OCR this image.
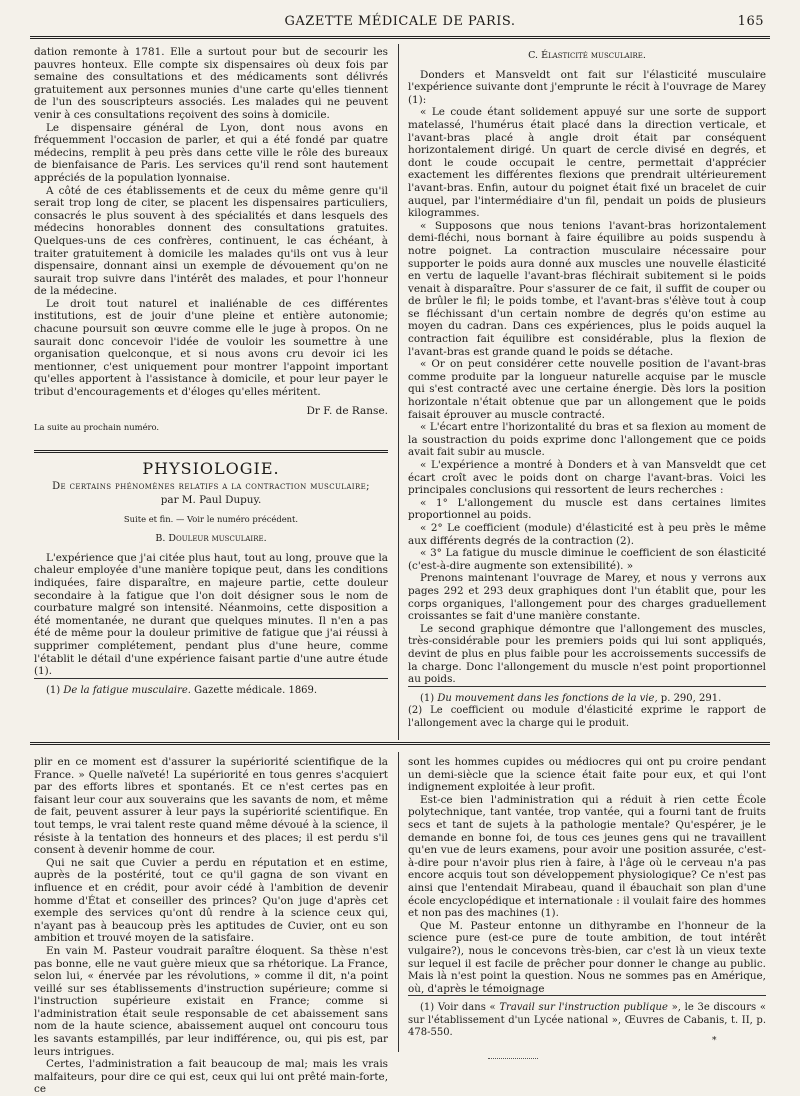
GAZETTE MÉDICALE DE PARIS.	165

dation remonte à 1781. Elle a surtout pour but de secourir les pauvres honteux. Elle compte six dispensaires où deux fois par semaine des consultations et des médicaments sont délivrés gratuitement aux personnes munies d'une carte qu'elles tiennent de l'un des souscripteurs associés. Les malades qui ne peuvent venir à ces consultations reçoivent des soins à domicile.

Le dispensaire général de Lyon, dont nous avons en fréquemment l'occasion de parler, et qui a été fondé par quatre médecins, remplit à peu près dans cette ville le rôle des bureaux de bienfaisance de Paris. Les services qu'il rend sont hautement appréciés de la population lyonnaise.

A côté de ces établissements et de ceux du même genre qu'il serait trop long de citer, se placent les dispensaires particuliers, consacrés le plus souvent à des spécialités et dans lesquels des médecins honorables donnent des consultations gratuites. Quelques-uns de ces confrères, continuent, le cas échéant, à traiter gratuitement à domicile les malades qu'ils ont vus à leur dispensaire, donnant ainsi un exemple de dévouement qu'on ne saurait trop suivre dans l'intérêt des malades, et pour l'honneur de la médecine.

Le droit tout naturel et inaliénable de ces différentes institutions, est de jouir d'une pleine et entière autonomie; chacune poursuit son œuvre comme elle le juge à propos. On ne saurait donc concevoir l'idée de vouloir les soumettre à une organisation quelconque, et si nous avons cru devoir ici les mentionner, c'est uniquement pour montrer l'appoint important qu'elles apportent à l'assistance à domicile, et pour leur payer le tribut d'encouragements et d'éloges qu'elles méritent.

Dr F. de Ranse.
La suite au prochain numéro.
PHYSIOLOGIE.
De certains phénomènes relatifs a la contraction musculaire;
par M. Paul Dupuy.
Suite et fin. — Voir le numéro précédent.
B. Douleur musculaire.

L'expérience que j'ai citée plus haut, tout au long, prouve que la chaleur employée d'une manière topique peut, dans les conditions indiquées, faire disparaître, en majeure partie, cette douleur secondaire à la fatigue que l'on doit désigner sous le nom de courbature malgré son intensité. Néanmoins, cette disposition a été momentanée, ne durant que quelques minutes. Il n'en a pas été de même pour la douleur primitive de fatigue que j'ai réussi à supprimer complétement, pendant plus d'une heure, comme l'établit le détail d'une expérience faisant partie d'une autre étude (1).

(1) De la fatigue musculaire. Gazette médicale. 1869.

C. Élasticité musculaire.

Donders et Mansveldt ont fait sur l'élasticité musculaire l'expérience suivante dont j'emprunte le récit à l'ouvrage de Marey (1):

« Le coude étant solidement appuyé sur une sorte de support matelassé, l'humérus était placé dans la direction verticale, et l'avant-bras placé à angle droit était par conséquent horizontalement dirigé. Un quart de cercle divisé en degrés, et dont le coude occupait le centre, permettait d'apprécier exactement les différentes flexions que prendrait ultérieurement l'avant-bras. Enfin, autour du poignet était fixé un bracelet de cuir auquel, par l'intermédiaire d'un fil, pendait un poids de plusieurs kilogrammes.

« Supposons que nous tenions l'avant-bras horizontalement demi-fléchi, nous bornant à faire équilibre au poids suspendu à notre poignet. La contraction musculaire nécessaire pour supporter le poids aura donné aux muscles une nouvelle élasticité en vertu de laquelle l'avant-bras fléchirait subitement si le poids venait à disparaître. Pour s'assurer de ce fait, il suffit de couper ou de brûler le fil; le poids tombe, et l'avant-bras s'élève tout à coup se fléchissant d'un certain nombre de degrés qu'on estime au moyen du cadran. Dans ces expériences, plus le poids auquel la contraction fait équilibre est considérable, plus la flexion de l'avant-bras est grande quand le poids se détache.

« Or on peut considérer cette nouvelle position de l'avant-bras comme produite par la longueur naturelle acquise par le muscle qui s'est contracté avec une certaine énergie. Dès lors la position horizontale n'était obtenue que par un allongement que le poids faisait éprouver au muscle contracté.

« L'écart entre l'horizontalité du bras et sa flexion au moment de la soustraction du poids exprime donc l'allongement que ce poids avait fait subir au muscle.

« L'expérience a montré à Donders et à van Mansveldt que cet écart croît avec le poids dont on charge l'avant-bras. Voici les principales conclusions qui ressortent de leurs recherches :

« 1° L'allongement du muscle est dans certaines limites proportionnel au poids.

« 2° Le coefficient (module) d'élasticité est à peu près le même aux différents degrés de la contraction (2).

« 3° La fatigue du muscle diminue le coefficient de son élasticité (c'est-à-dire augmente son extensibilité). »

Prenons maintenant l'ouvrage de Marey, et nous y verrons aux pages 292 et 293 deux graphiques dont l'un établit que, pour les corps organiques, l'allongement pour des charges graduellement croissantes se fait d'une manière constante.

Le second graphique démontre que l'allongement des muscles, très-considérable pour les premiers poids qui lui sont appliqués, devint de plus en plus faible pour les accroissements successifs de la charge. Donc l'allongement du muscle n'est point proportionnel au poids.

(1) Du mouvement dans les fonctions de la vie, p. 290, 291.

(2) Le coefficient ou module d'élasticité exprime le rapport de l'allongement avec la charge qui le produit.

plir en ce moment est d'assurer la supériorité scientifique de la France. » Quelle naïveté! La supériorité en tous genres s'acquiert par des efforts libres et spontanés. Et ce n'est certes pas en faisant leur cour aux souverains que les savants de nom, et même de fait, peuvent assurer à leur pays la supériorité scientifique. En tout temps, le vrai talent reste quand même dévoué à la science, il résiste à la tentation des honneurs et des places; il est perdu s'il consent à devenir homme de cour.

Qui ne sait que Cuvier a perdu en réputation et en estime, auprès de la postérité, tout ce qu'il gagna de son vivant en influence et en crédit, pour avoir cédé à l'ambition de devenir homme d'État et conseiller des princes? Qu'on juge d'après cet exemple des services qu'ont dû rendre à la science ceux qui, n'ayant pas à beaucoup près les aptitudes de Cuvier, ont eu son ambition et trouvé moyen de la satisfaire.

En vain M. Pasteur voudrait paraître éloquent. Sa thèse n'est pas bonne, elle ne vaut guère mieux que sa rhétorique. La France, selon lui, « énervée par les révolutions, » comme il dit, n'a point veillé sur ses établissements d'instruction supérieure; comme si l'instruction supérieure existait en France; comme si l'administration était seule responsable de cet abaissement sans nom de la haute science, abaissement auquel ont concouru tous les savants estampillés, par leur indifférence, ou, qui pis est, par leurs intrigues.

Certes, l'administration a fait beaucoup de mal; mais les vrais malfaiteurs, pour dire ce qui est, ceux qui lui ont prêté main-forte, ce

sont les hommes cupides ou médiocres qui ont pu croire pendant un demi-siècle que la science était faite pour eux, et qui l'ont indignement exploitée à leur profit.

Est-ce bien l'administration qui a réduit à rien cette École polytechnique, tant vantée, trop vantée, qui a fourni tant de fruits secs et tant de sujets à la pathologie mentale? Qu'espérer, je le demande en bonne foi, de tous ces jeunes gens qui ne travaillent qu'en vue de leurs examens, pour avoir une position assurée, c'est-à-dire pour n'avoir plus rien à faire, à l'âge où le cerveau n'a pas encore acquis tout son développement physiologique? Ce n'est pas ainsi que l'entendait Mirabeau, quand il ébauchait son plan d'une école encyclopédique et internationale : il voulait faire des hommes et non pas des machines (1).

Que M. Pasteur entonne un dithyrambe en l'honneur de la science pure (est-ce pure de toute ambition, de tout intérêt vulgaire?), nous le concevons très-bien, car c'est là un vieux texte sur lequel il est facile de prêcher pour donner le change au public. Mais là n'est point la question. Nous ne sommes pas en Amérique, où, d'après le témoignage

(1) Voir dans « Travail sur l'instruction publique », le 3e discours « sur l'établissement d'un Lycée national », Œuvres de Cabanis, t. II, p. 478-550.

*
